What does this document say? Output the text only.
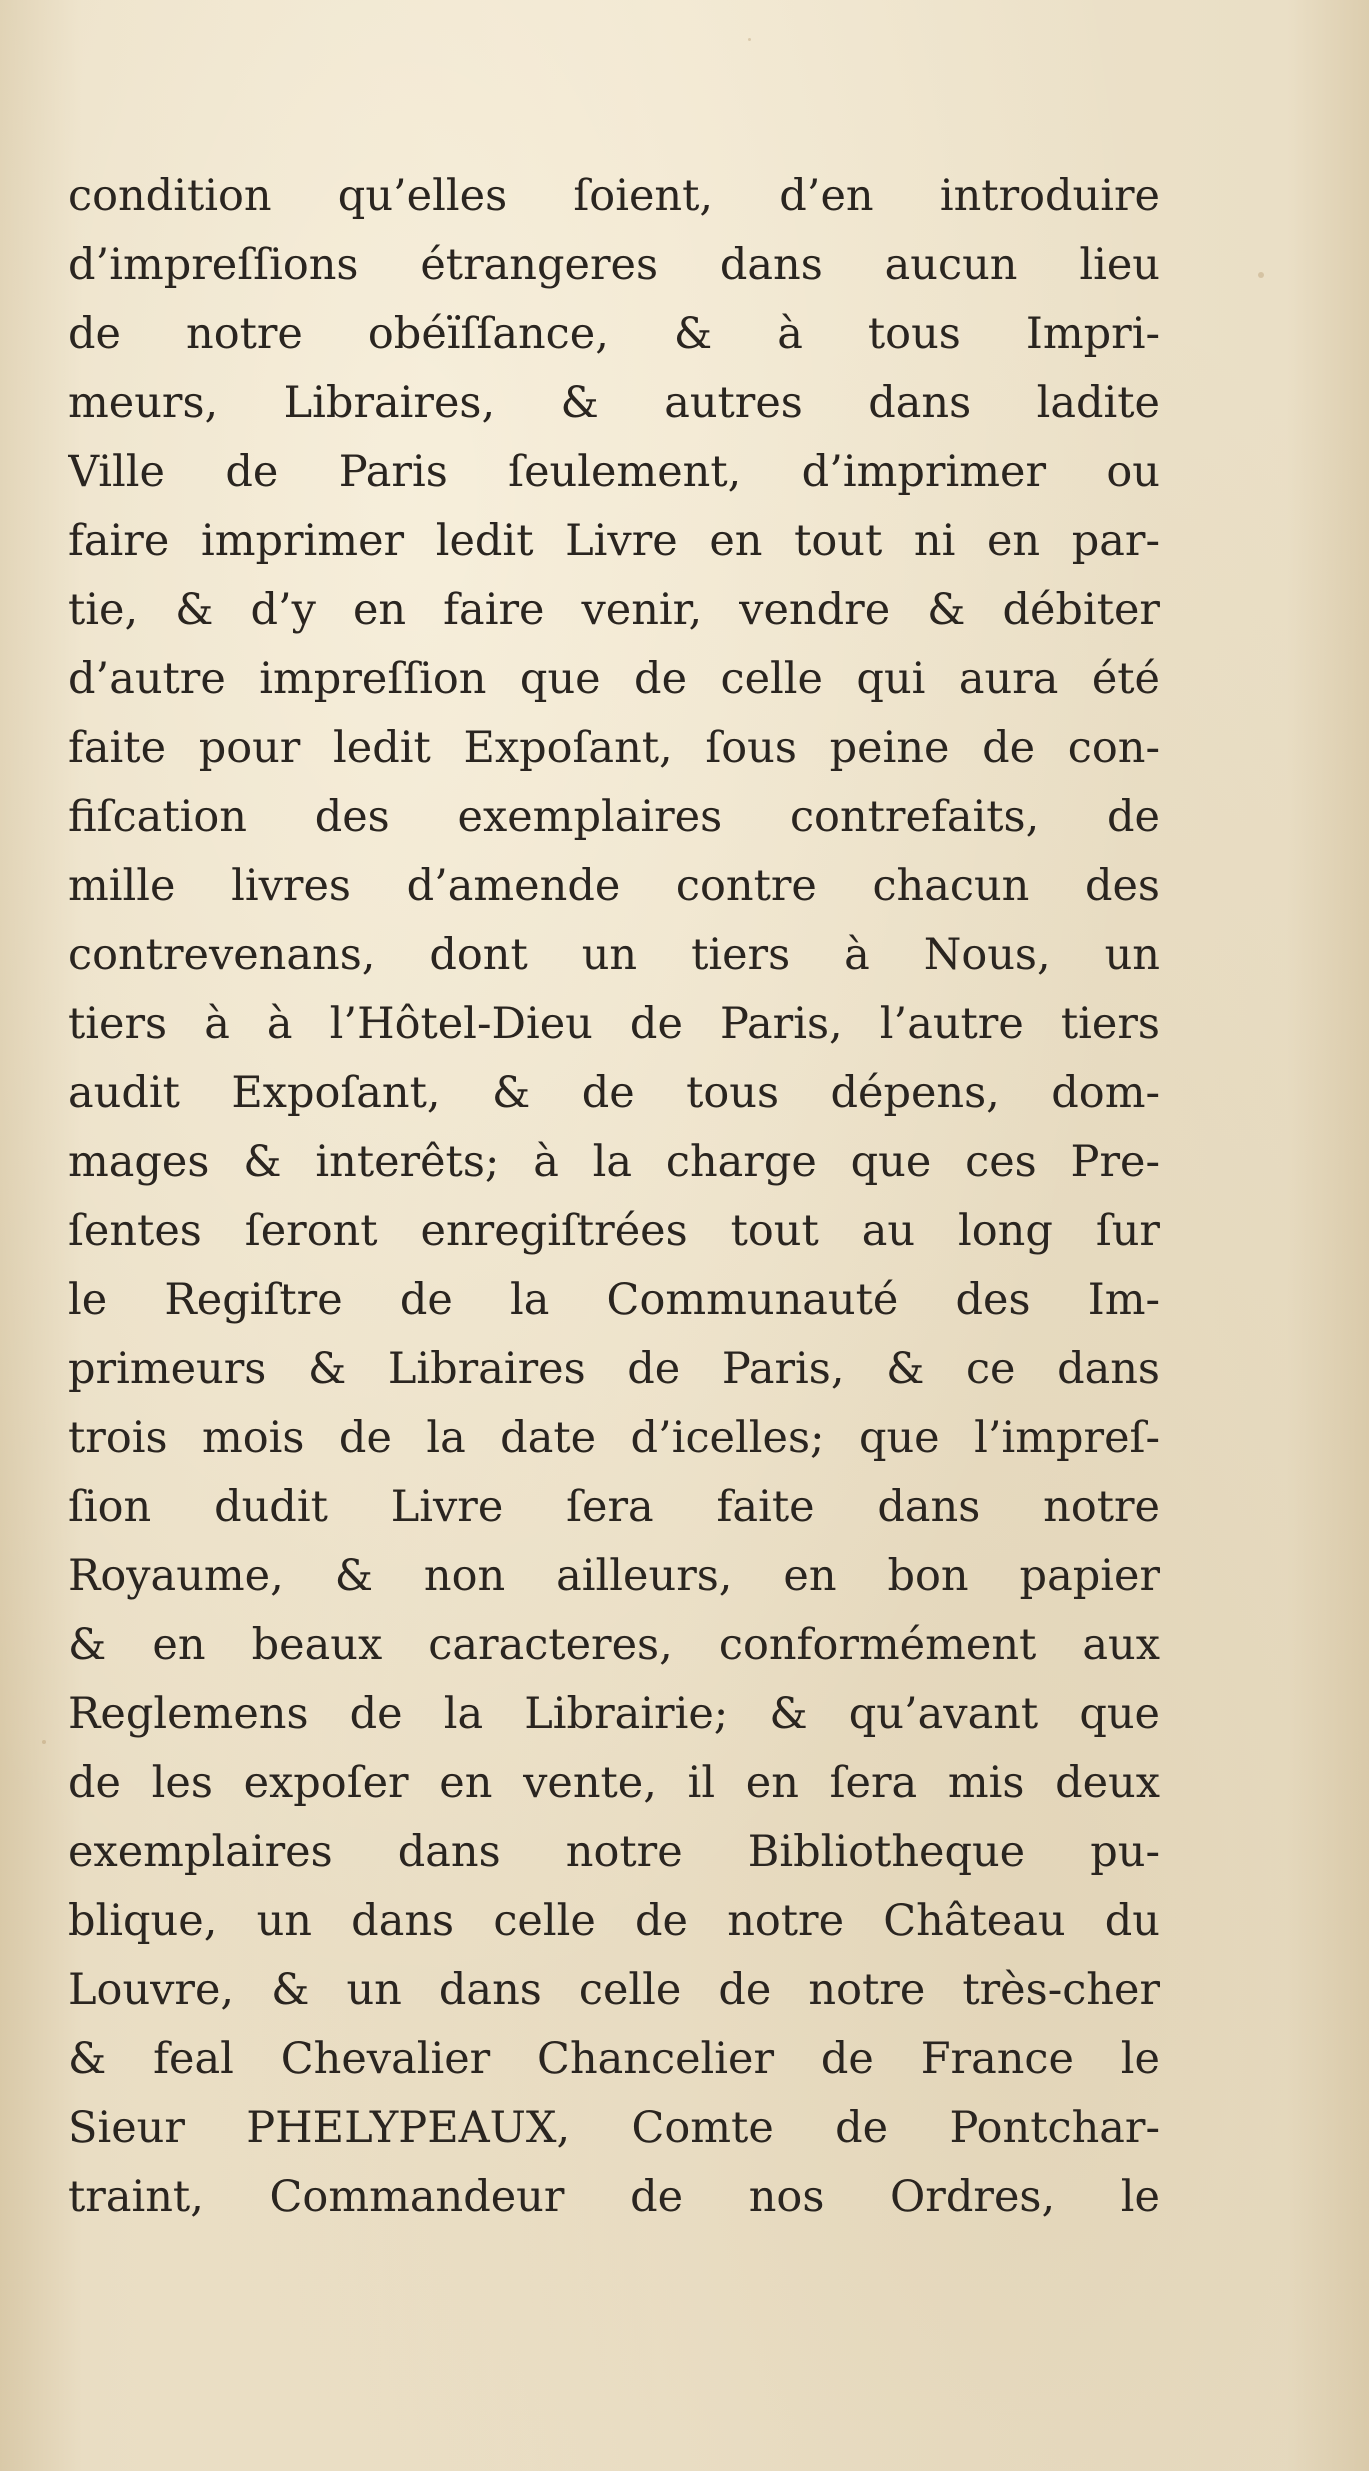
condition qu’elles ſoient, d’en introduire
d’impreſſions étrangeres dans aucun lieu
de notre obéïſſance, & à tous Impri-
meurs, Libraires, & autres dans ladite
Ville de Paris ſeulement, d’imprimer ou
faire imprimer ledit Livre en tout ni en par-
tie, & d’y en faire venir, vendre & débiter
d’autre impreſſion que de celle qui aura été
faite pour ledit Expoſant, ſous peine de con-
fiſcation des exemplaires contrefaits, de
mille livres d’amende contre chacun des
contrevenans, dont un tiers à Nous, un
tiers à à l’Hôtel-Dieu de Paris, l’autre tiers
audit Expoſant, & de tous dépens, dom-
mages & interêts; à la charge que ces Pre-
ſentes ſeront enregiſtrées tout au long ſur
le Regiſtre de la Communauté des Im-
primeurs & Libraires de Paris, & ce dans
trois mois de la date d’icelles; que l’impreſ-
ſion dudit Livre ſera faite dans notre
Royaume, & non ailleurs, en bon papier
& en beaux caracteres, conformément aux
Reglemens de la Librairie; & qu’avant que
de les expoſer en vente, il en ſera mis deux
exemplaires dans notre Bibliotheque pu-
blique, un dans celle de notre Château du
Louvre, & un dans celle de notre très-cher
& feal Chevalier Chancelier de France le
Sieur PHELYPEAUX, Comte de Pontchar-
traint, Commandeur de nos Ordres, le
